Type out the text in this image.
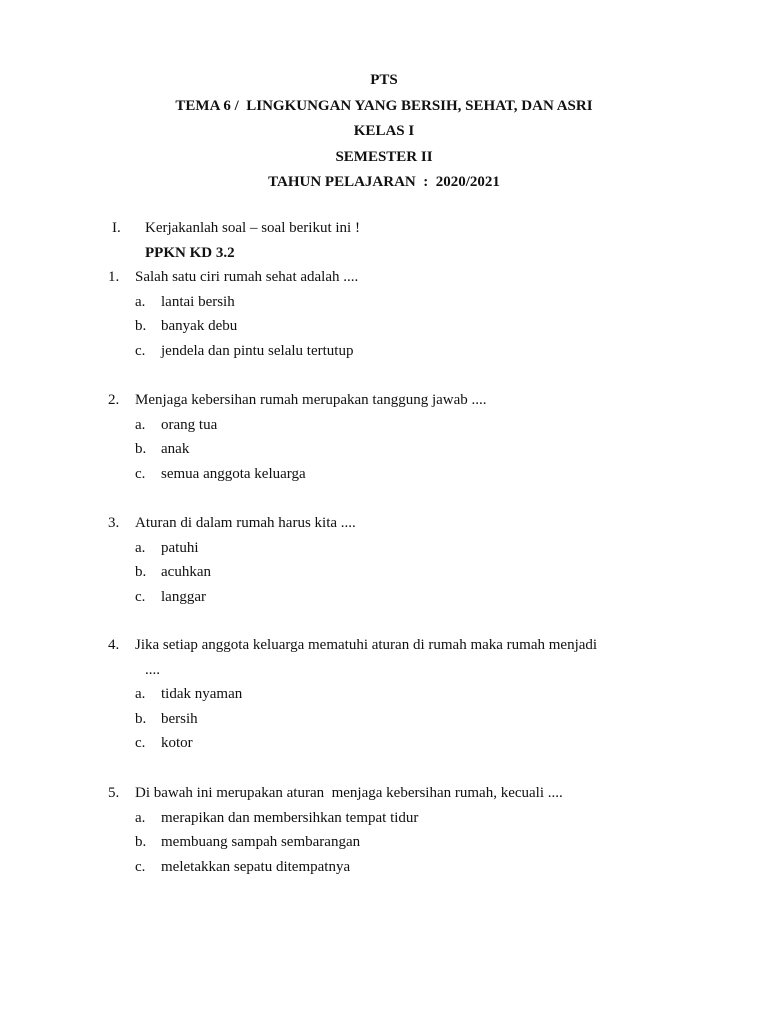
PTS
TEMA 6 /  LINGKUNGAN YANG BERSIH, SEHAT, DAN ASRI
KELAS I
SEMESTER II
TAHUN PELAJARAN  :  2020/2021

I.

Kerjakanlah soal – soal berikut ini !

PPKN KD 3.2

1.

Salah satu ciri rumah sehat adalah ....

a.

lantai bersih

b.

banyak debu

c.

jendela dan pintu selalu tertutup

2.

Menjaga kebersihan rumah merupakan tanggung jawab ....

a.

orang tua

b.

anak

c.

semua anggota keluarga

3.

Aturan di dalam rumah harus kita ....

a.

patuhi

b.

acuhkan

c.

langgar

4.

Jika setiap anggota keluarga mematuhi aturan di rumah maka rumah menjadi

....

a.

tidak nyaman

b.

bersih

c.

kotor

5.

Di bawah ini merupakan aturan  menjaga kebersihan rumah, kecuali ....

a.

merapikan dan membersihkan tempat tidur

b.

membuang sampah sembarangan

c.

meletakkan sepatu ditempatnya
